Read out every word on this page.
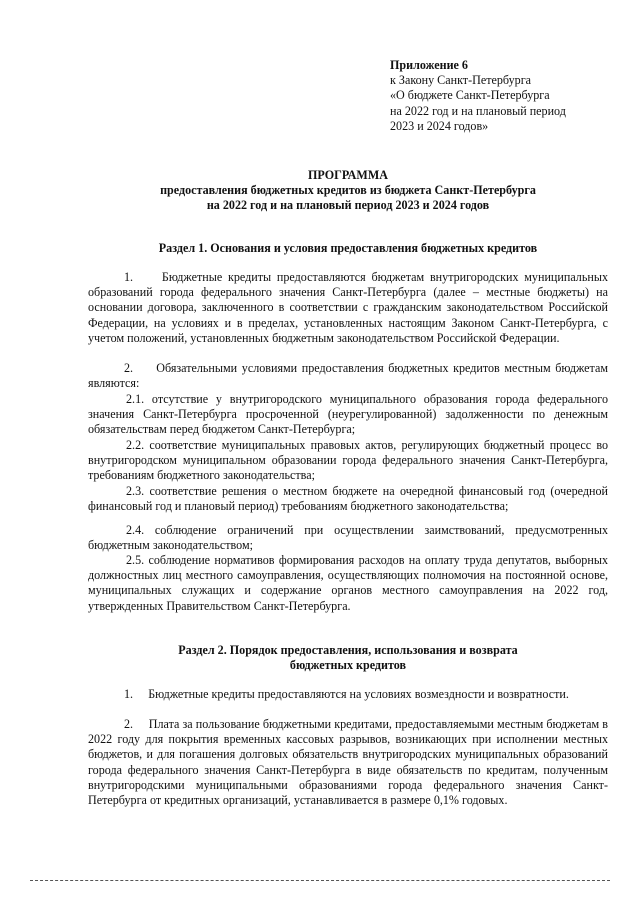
Приложение 6
к Закону Санкт-Петербурга
«О бюджете Санкт-Петербурга
на 2022 год и на плановый период
2023 и 2024 годов»
ПРОГРАММА
предоставления бюджетных кредитов из бюджета Санкт-Петербурга
на 2022 год и на плановый период 2023 и 2024 годов
Раздел 1. Основания и условия предоставления бюджетных кредитов
1. Бюджетные кредиты предоставляются бюджетам внутригородских муниципальных образований города федерального значения Санкт-Петербурга (далее – местные бюджеты) на основании договора, заключенного в соответствии с гражданским законодательством Российской Федерации, на условиях и в пределах, установленных настоящим Законом Санкт-Петербурга, с учетом положений, установленных бюджетным законодательством Российской Федерации.
2. Обязательными условиями предоставления бюджетных кредитов местным бюджетам являются:
2.1. отсутствие у внутригородского муниципального образования города федерального значения Санкт-Петербурга просроченной (неурегулированной) задолженности по денежным обязательствам перед бюджетом Санкт-Петербурга;
2.2. соответствие муниципальных правовых актов, регулирующих бюджетный процесс во внутригородском муниципальном образовании города федерального значения Санкт-Петербурга, требованиям бюджетного законодательства;
2.3. соответствие решения о местном бюджете на очередной финансовый год (очередной финансовый год и плановый период) требованиям бюджетного законодательства;
2.4. соблюдение ограничений при осуществлении заимствований, предусмотренных бюджетным законодательством;
2.5. соблюдение нормативов формирования расходов на оплату труда депутатов, выборных должностных лиц местного самоуправления, осуществляющих полномочия на постоянной основе, муниципальных служащих и содержание органов местного самоуправления на 2022 год, утвержденных Правительством Санкт-Петербурга.
Раздел 2. Порядок предоставления, использования и возврата
бюджетных кредитов
1. Бюджетные кредиты предоставляются на условиях возмездности и возвратности.
2. Плата за пользование бюджетными кредитами, предоставляемыми местным бюджетам в 2022 году для покрытия временных кассовых разрывов, возникающих при исполнении местных бюджетов, и для погашения долговых обязательств внутригородских муниципальных образований города федерального значения Санкт-Петербурга в виде обязательств по кредитам, полученным внутригородскими муниципальными образованиями города федерального значения Санкт-Петербурга от кредитных организаций, устанавливается в размере 0,1% годовых.
